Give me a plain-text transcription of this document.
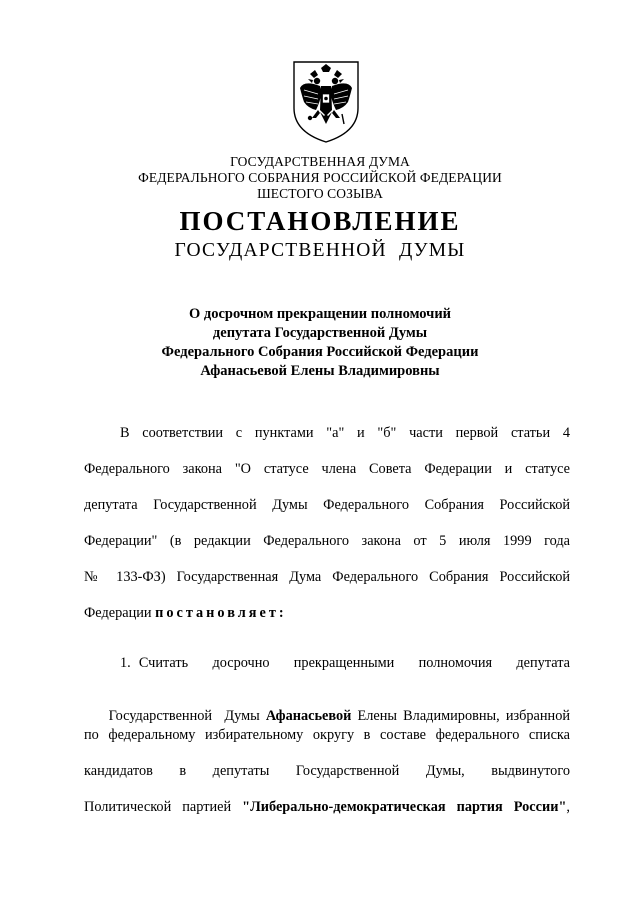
ГОСУДАРСТВЕННАЯ ДУМА
ФЕДЕРАЛЬНОГО СОБРАНИЯ РОССИЙСКОЙ ФЕДЕРАЦИИ
ШЕСТОГО СОЗЫВА
ПОСТАНОВЛЕНИЕ
ГОСУДАРСТВЕННОЙ  ДУМЫ
О досрочном прекращении полномочий
депутата Государственной Думы
Федерального Собрания Российской Федерации
Афанасьевой Елены Владимировны
В  соответствии  с  пунктами  "а"  и  "б"  части  первой  статьи  4
Федерального закона "О статусе члена Совета Федерации и статусе
депутата Государственной Думы Федерального Собрания Российской
Федерации" (в редакции Федерального закона от 5 июля 1999 года
№ 133-ФЗ) Государственная Дума Федерального Собрания Российской
Федерации постановляет:
1. Считать   досрочно   прекращенными   полномочия   депутата

Государственной  Думы Афанасьевой Елены Владимировны, избранной

по федеральному избирательному округу в составе федерального списка
кандидатов   в   депутаты   Государственной   Думы,   выдвинутого
Политической партией "Либерально-демократическая партия России",
